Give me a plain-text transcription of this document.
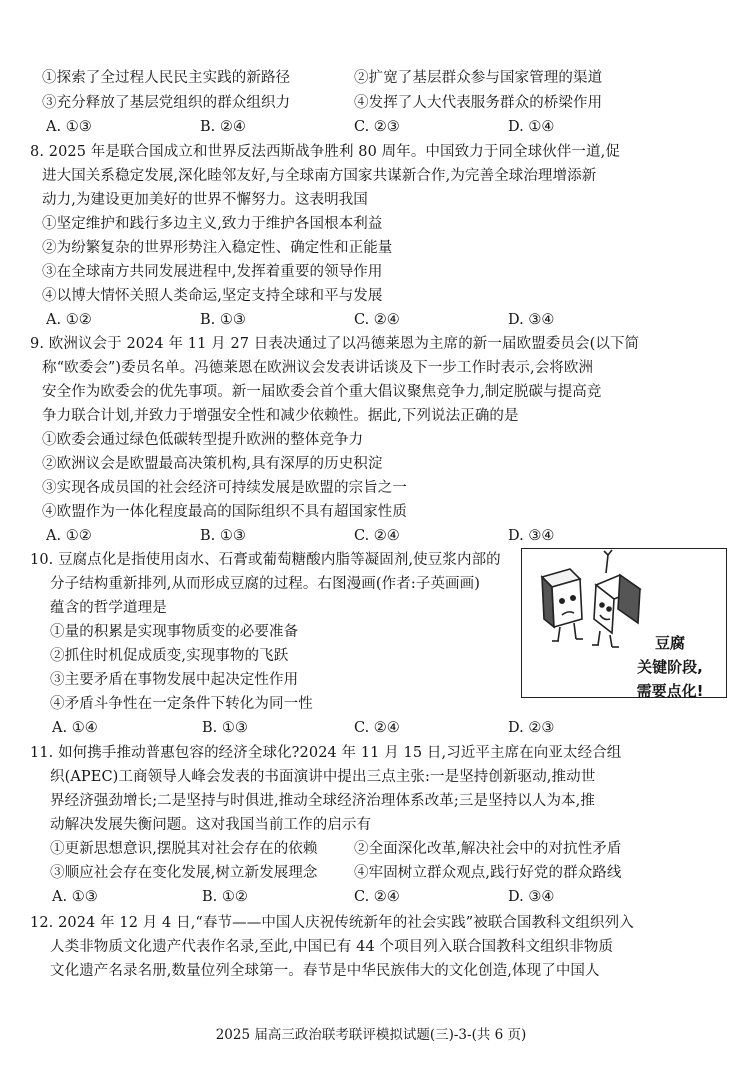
①探索了全过程人民民主实践的新路径	②扩宽了基层群众参与国家管理的渠道
③充分释放了基层党组织的群众组织力	④发挥了人大代表服务群众的桥梁作用
A. ①③	B. ②④	C. ②③	D. ①④
8. 2025 年是联合国成立和世界反法西斯战争胜利 80 周年。中国致力于同全球伙伴一道,促
进大国关系稳定发展,深化睦邻友好,与全球南方国家共谋新合作,为完善全球治理增添新
动力,为建设更加美好的世界不懈努力。这表明我国
①坚定维护和践行多边主义,致力于维护各国根本利益
②为纷繁复杂的世界形势注入稳定性、确定性和正能量
③在全球南方共同发展进程中,发挥着重要的领导作用
④以博大情怀关照人类命运,坚定支持全球和平与发展
A. ①②	B. ①③	C. ②④	D. ③④
9. 欧洲议会于 2024 年 11 月 27 日表决通过了以冯德莱恩为主席的新一届欧盟委员会(以下简
称“欧委会”)委员名单。冯德莱恩在欧洲议会发表讲话谈及下一步工作时表示,会将欧洲
安全作为欧委会的优先事项。新一届欧委会首个重大倡议聚焦竞争力,制定脱碳与提高竞
争力联合计划,并致力于增强安全性和减少依赖性。据此,下列说法正确的是
①欧委会通过绿色低碳转型提升欧洲的整体竞争力
②欧洲议会是欧盟最高决策机构,具有深厚的历史积淀
③实现各成员国的社会经济可持续发展是欧盟的宗旨之一
④欧盟作为一体化程度最高的国际组织不具有超国家性质
A. ①②	B. ①③	C. ②④	D. ③④
10. 豆腐点化是指使用卤水、石膏或葡萄糖酸内脂等凝固剂,使豆浆内部的
分子结构重新排列,从而形成豆腐的过程。右图漫画(作者:子英画画)
蕴含的哲学道理是
①量的积累是实现事物质变的必要准备
②抓住时机促成质变,实现事物的飞跃
③主要矛盾在事物发展中起决定性作用
④矛盾斗争性在一定条件下转化为同一性
A. ①④	B. ①③	C. ②④	D. ②③
豆腐
关键阶段,
需要点化!
11. 如何携手推动普惠包容的经济全球化?2024 年 11 月 15 日,习近平主席在向亚太经合组
织(APEC)工商领导人峰会发表的书面演讲中提出三点主张:一是坚持创新驱动,推动世
界经济强劲增长;二是坚持与时俱进,推动全球经济治理体系改革;三是坚持以人为本,推
动解决发展失衡问题。这对我国当前工作的启示有
①更新思想意识,摆脱其对社会存在的依赖	②全面深化改革,解决社会中的对抗性矛盾
③顺应社会存在变化发展,树立新发展理念	④牢固树立群众观点,践行好党的群众路线
A. ①③	B. ①②	C. ②④	D. ③④
12. 2024 年 12 月 4 日,“春节——中国人庆祝传统新年的社会实践”被联合国教科文组织列入
人类非物质文化遗产代表作名录,至此,中国已有 44 个项目列入联合国教科文组织非物质
文化遗产名录名册,数量位列全球第一。春节是中华民族伟大的文化创造,体现了中国人
2025 届高三政治联考联评模拟试题(三)-3-(共 6 页)
